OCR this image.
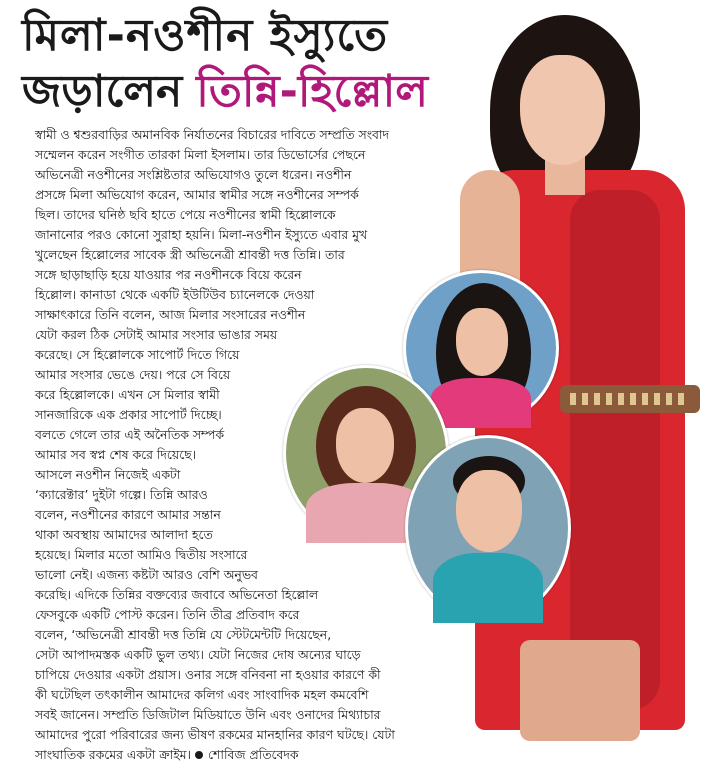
মিলা-নওশীন ইস্যুতে
জড়ালেন তিন্নি-হিল্লোল
স্বামী ও শ্বশুরবাড়ির অমানবিক নির্যাতনের বিচারের দাবিতে সম্প্রতি সংবাদ
সম্মেলন করেন সংগীত তারকা মিলা ইসলাম। তার ডিভোর্সের পেছনে
অভিনেত্রী নওশীনের সংশ্লিষ্টতার অভিযোগও তুলে ধরেন। নওশীন
প্রসঙ্গে মিলা অভিযোগ করেন, আমার স্বামীর সঙ্গে নওশীনের সম্পর্ক
ছিল। তাদের ঘনিষ্ঠ ছবি হাতে পেয়ে নওশীনের স্বামী হিল্লোলকে
জানানোর পরও কোনো সুরাহা হয়নি। মিলা-নওশীন ইস্যুতে এবার মুখ
খুলেছেন হিল্লোলের সাবেক স্ত্রী অভিনেত্রী শ্রাবন্তী দত্ত তিন্নি। তার
সঙ্গে ছাড়াছাড়ি হয়ে যাওয়ার পর নওশীনকে বিয়ে করেন
হিল্লোল। কানাডা থেকে একটি ইউটিউব চ্যানেলকে দেওয়া
সাক্ষাৎকারে তিনি বলেন, আজ মিলার সংসারের নওশীন
যেটা করল ঠিক সেটাই আমার সংসার ভাঙার সময়
করেছে। সে হিল্লোলকে সাপোর্ট দিতে গিয়ে
আমার সংসার ভেঙে দেয়। পরে সে বিয়ে
করে হিল্লোলকে। এখন সে মিলার স্বামী
সানজারিকে এক প্রকার সাপোর্ট দিচ্ছে।
বলতে গেলে তার এই অনৈতিক সম্পর্ক
আমার সব স্বপ্ন শেষ করে দিয়েছে।
আসলে নওশীন নিজেই একটা
‘ক্যারেক্টার’ দুইটা গল্পে। তিন্নি আরও
বলেন, নওশীনের কারণে আমার সন্তান
থাকা অবস্থায় আমাদের আলাদা হতে
হয়েছে। মিলার মতো আমিও দ্বিতীয় সংসারে
ভালো নেই। এজন্য কষ্টটা আরও বেশি অনুভব
করেছি। এদিকে তিন্নির বক্তব্যের জবাবে অভিনেতা হিল্লোল
ফেসবুকে একটি পোস্ট করেন। তিনি তীব্র প্রতিবাদ করে
বলেন, ‘অভিনেত্রী শ্রাবন্তী দত্ত তিন্নি যে স্টেটমেন্টটি দিয়েছেন,
সেটা আপাদমস্তক একটি ভুল তথ্য। যেটা নিজের দোষ অন্যের ঘাড়ে
চাপিয়ে দেওয়ার একটা প্রয়াস। ওনার সঙ্গে বনিবনা না হওয়ার কারণে কী
কী ঘটেছিল তৎকালীন আমাদের কলিগ এবং সাংবাদিক মহল কমবেশি
সবই জানেন। সম্প্রতি ডিজিটাল মিডিয়াতে উনি এবং ওনাদের মিথ্যাচার
আমাদের পুরো পরিবারের জন্য ভীষণ রকমের মানহানির কারণ ঘটছে। যেটা
সাংঘাতিক রকমের একটা ক্রাইম। শোবিজ প্রতিবেদক
